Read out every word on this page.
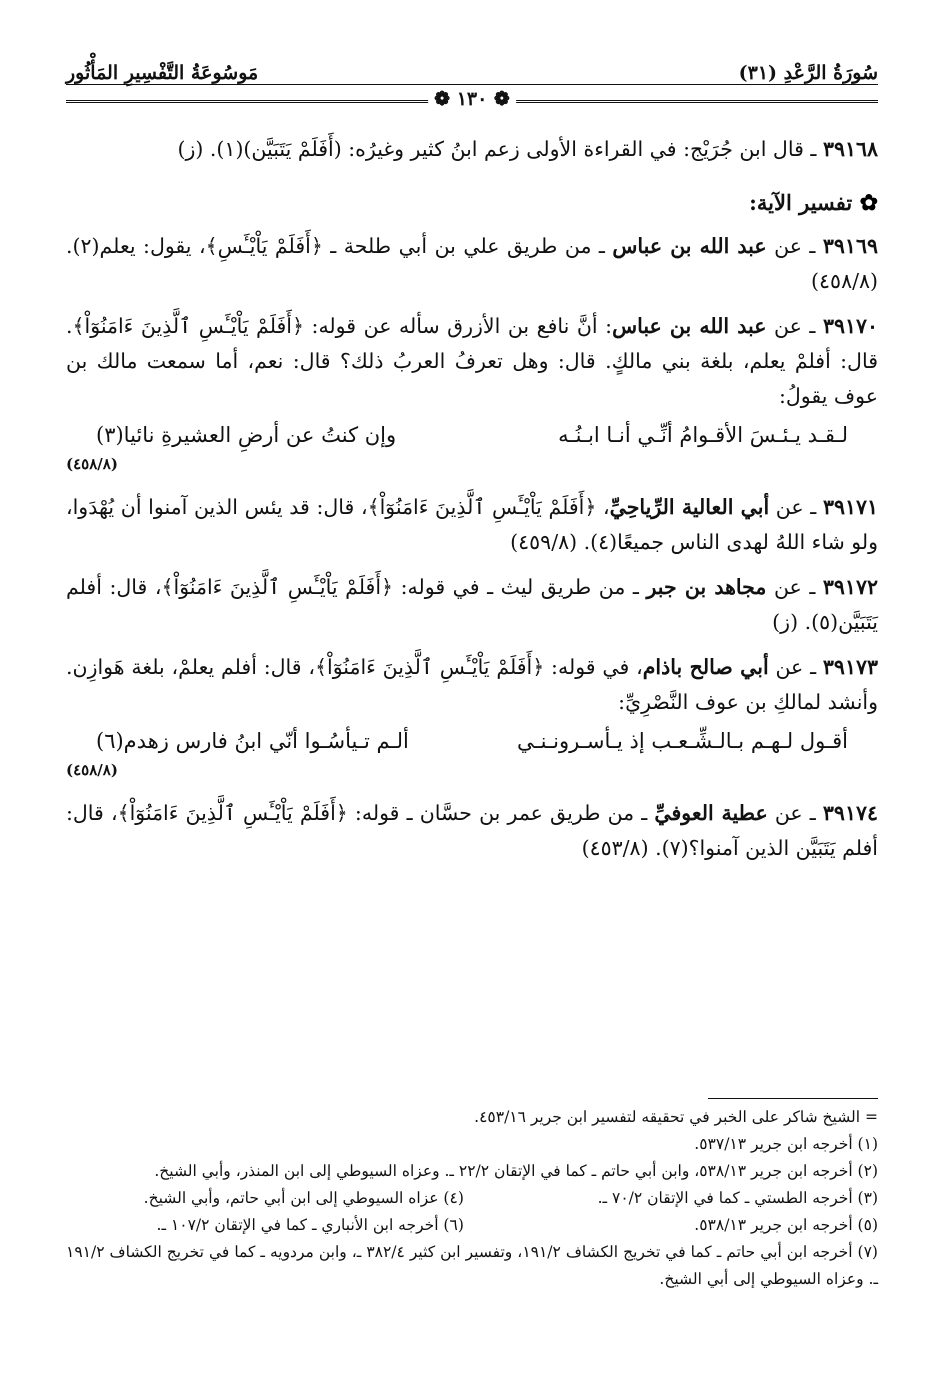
سُورَةُ الرَّعْدِ (٣١)
مَوسُوعَةُ التَّفْسِيرِ المَأْثُور
❁ ١٣٠ ❁

٣٩١٦٨ ـ قال ابن جُرَيْج: في القراءة الأولى زعم ابنُ كثير وغيرُه: (أَفَلَمْ يَتَبَيَّن)(١). (ز)

✿ تفسير الآية:

٣٩١٦٩ ـ عن عبد الله بن عباس ـ من طريق علي بن أبي طلحة ـ ﴿أَفَلَمْ يَاْيْـَٔسِ﴾، يقول: يعلم(٢). (٤٥٨/٨)

٣٩١٧٠ ـ عن عبد الله بن عباس: أنَّ نافع بن الأزرق سأله عن قوله: ﴿أَفَلَمْ يَاْيْـَٔسِ ٱلَّذِينَ ءَامَنُوٓاْ﴾. قال: أفلمْ يعلم، بلغة بني مالكٍ. قال: وهل تعرفُ العربُ ذلك؟ قال: نعم، أما سمعت مالك بن عوف يقولُ:

لـقـد يـئـسَ الأقـوامُ أنِّـي أنـا ابـنُـه
وإن كنتُ عن أرضِ العشيرةِ نائيا(٣)
(٤٥٨/٨)

٣٩١٧١ ـ عن أبي العالية الرِّياحِيِّ، ﴿أَفَلَمْ يَاْيْـَٔسِ ٱلَّذِينَ ءَامَنُوٓاْ﴾، قال: قد يئس الذين آمنوا أن يُهْدَوا، ولو شاء اللهُ لهدى الناس جميعًا(٤). (٤٥٩/٨)

٣٩١٧٢ ـ عن مجاهد بن جبر ـ من طريق ليث ـ في قوله: ﴿أَفَلَمْ يَاْيْـَٔسِ ٱلَّذِينَ ءَامَنُوٓاْ﴾، قال: أفلم يَتَبَيَّن(٥). (ز)

٣٩١٧٣ ـ عن أبي صالح باذام، في قوله: ﴿أَفَلَمْ يَاْيْـَٔسِ ٱلَّذِينَ ءَامَنُوٓاْ﴾، قال: أفلم يعلمْ، بلغة هَوازِن. وأنشد لمالكِ بن عوف النَّصْرِيِّ:

أقـول لـهـم بـالـشِّـعـب إذ يـأسـرونـنـي
ألـم تـيأسُـوا أنّي ابنُ فارس زهدم(٦)
(٤٥٨/٨)

٣٩١٧٤ ـ عن عطية العوفيِّ ـ من طريق عمر بن حسَّان ـ قوله: ﴿أَفَلَمْ يَاْيْـَٔسِ ٱلَّذِينَ ءَامَنُوٓاْ﴾، قال: أفلم يَتَبَيَّن الذين آمنوا؟(٧). (٤٥٣/٨)

= الشيخ شاكر على الخبر في تحقيقه لتفسير ابن جرير ٤٥٣/١٦.

(١) أخرجه ابن جرير ٥٣٧/١٣.

(٢) أخرجه ابن جرير ٥٣٨/١٣، وابن أبي حاتم ـ كما في الإتقان ٢٢/٢ ـ. وعزاه السيوطي إلى ابن المنذر، وأبي الشيخ.

(٣) أخرجه الطستي ـ كما في الإتقان ٧٠/٢ ـ.
(٤) عزاه السيوطي إلى ابن أبي حاتم، وأبي الشيخ.
(٥) أخرجه ابن جرير ٥٣٨/١٣.
(٦) أخرجه ابن الأنباري ـ كما في الإتقان ١٠٧/٢ ـ.

(٧) أخرجه ابن أبي حاتم ـ كما في تخريج الكشاف ١٩١/٢، وتفسير ابن كثير ٣٨٢/٤ ـ، وابن مردويه ـ كما في تخريج الكشاف ١٩١/٢ ـ. وعزاه السيوطي إلى أبي الشيخ.
